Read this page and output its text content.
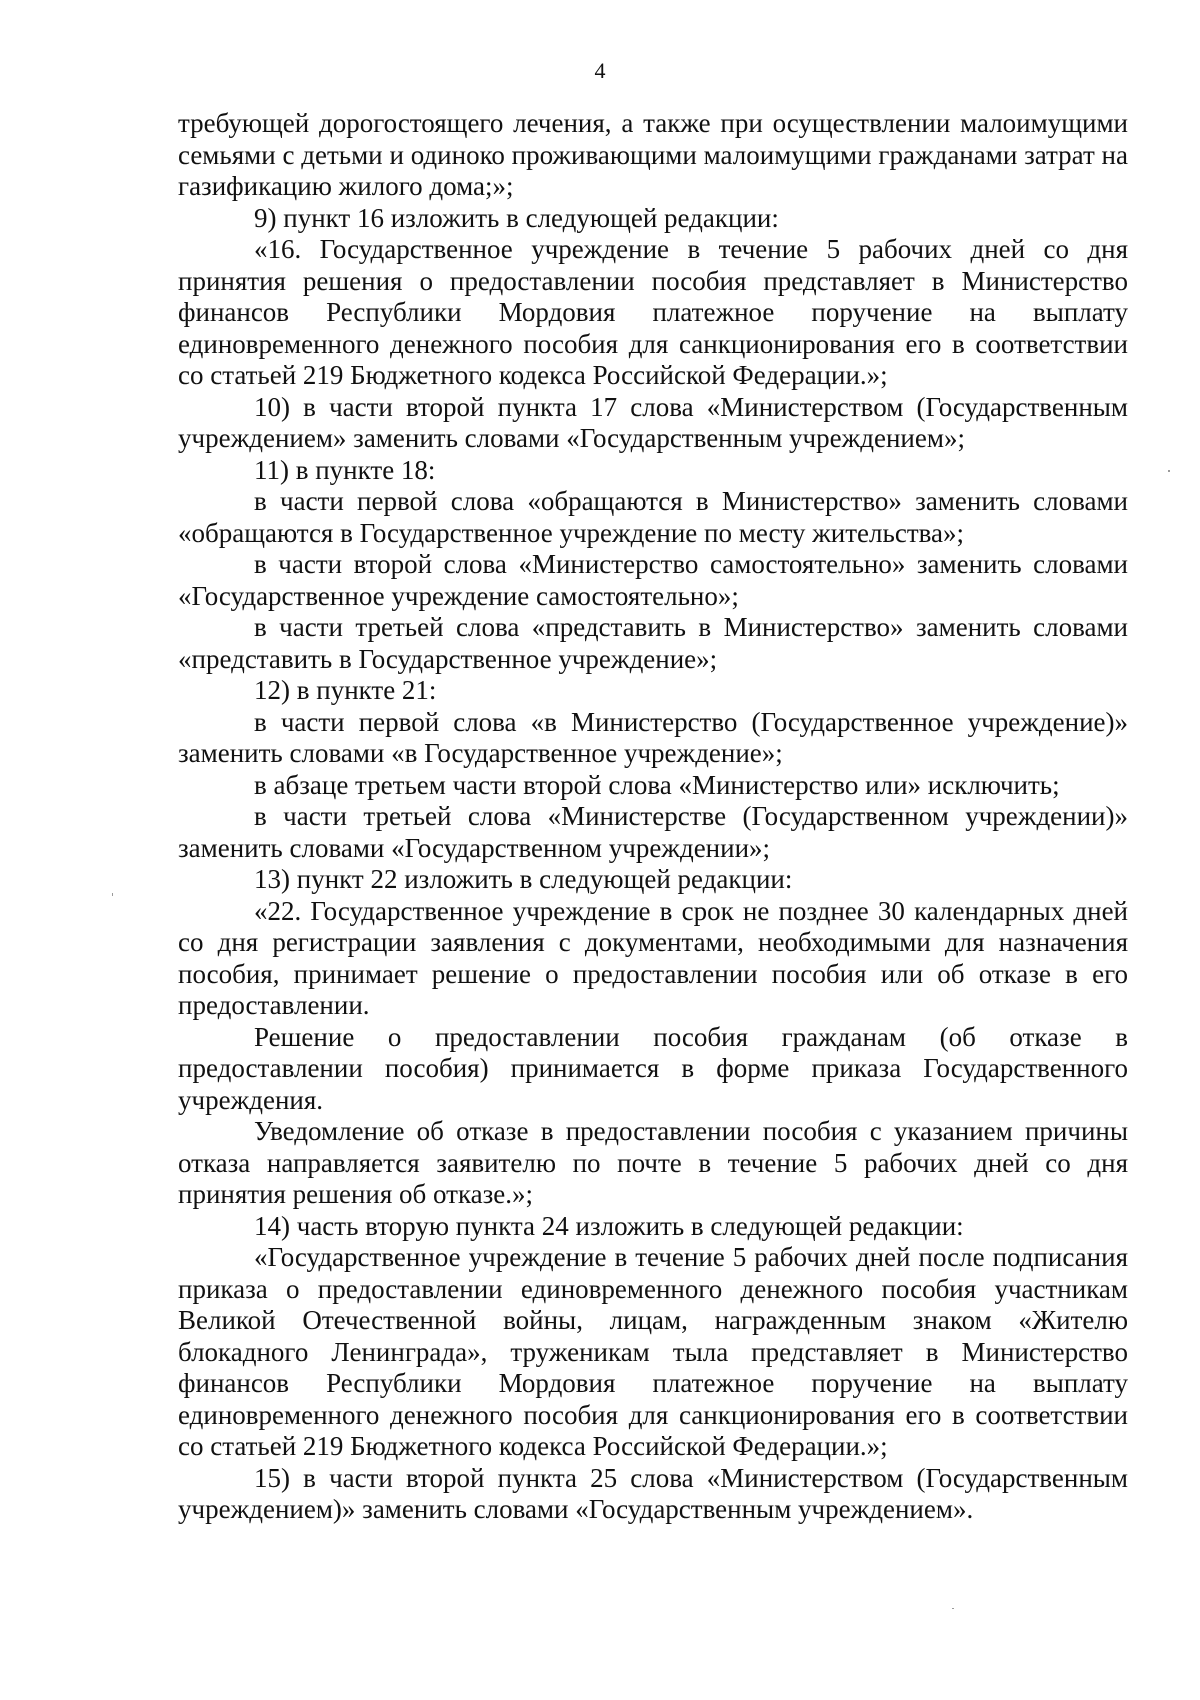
4

требующей дорогостоящего лечения, а также при осуществлении малоимущими семьями с детьми и одиноко проживающими малоимущими гражданами затрат на газификацию жилого дома;»;

9) пункт 16 изложить в следующей редакции:

«16. Государственное учреждение в течение 5 рабочих дней со дня принятия решения о предоставлении пособия представляет в Министерство финансов Республики Мордовия платежное поручение на выплату единовременного денежного пособия для санкционирования его в соответствии со статьей 219 Бюджетного кодекса Российской Федерации.»;

10) в части второй пункта 17 слова «Министерством (Государственным учреждением» заменить словами «Государственным учреждением»;

11) в пункте 18:

в части первой слова «обращаются в Министерство» заменить словами «обращаются в Государственное учреждение по месту жительства»;

в части второй слова «Министерство самостоятельно» заменить словами «Государственное учреждение самостоятельно»;

в части третьей слова «представить в Министерство» заменить словами «представить в Государственное учреждение»;

12) в пункте 21:

в части первой слова «в Министерство (Государственное учреждение)» заменить словами «в Государственное учреждение»;

в абзаце третьем части второй слова «Министерство или» исключить;

в части третьей слова «Министерстве (Государственном учреждении)» заменить словами «Государственном учреждении»;

13) пункт 22 изложить в следующей редакции:

«22. Государственное учреждение в срок не позднее 30 календарных дней со дня регистрации заявления с документами, необходимыми для назначения пособия, принимает решение о предоставлении пособия или об отказе в его предоставлении.

Решение о предоставлении пособия гражданам (об отказе в предоставлении пособия) принимается в форме приказа Государственного учреждения.

Уведомление об отказе в предоставлении пособия с указанием причины отказа направляется заявителю по почте в течение 5 рабочих дней со дня принятия решения об отказе.»;

14) часть вторую пункта 24 изложить в следующей редакции:

«Государственное учреждение в течение 5 рабочих дней после подписания приказа о предоставлении единовременного денежного пособия участникам Великой Отечественной войны, лицам, награжденным знаком «Жителю блокадного Ленинграда», труженикам тыла представляет в Министерство финансов Республики Мордовия платежное поручение на выплату единовременного денежного пособия для санкционирования его в соответствии со статьей 219 Бюджетного кодекса Российской Федерации.»;

15) в части второй пункта 25 слова «Министерством (Государственным учреждением)» заменить словами «Государственным учреждением».
